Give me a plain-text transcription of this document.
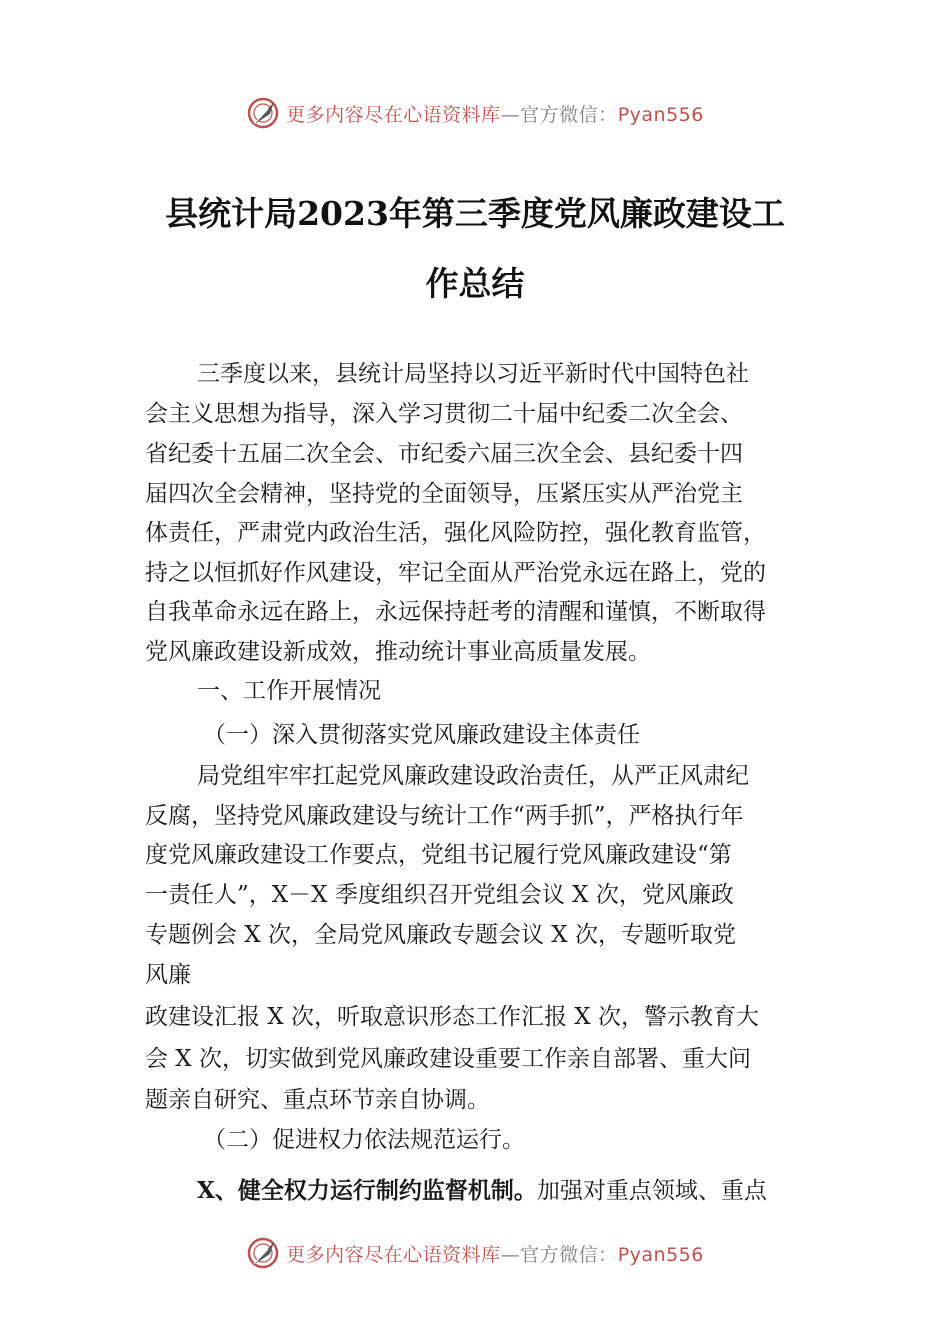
更多内容尽在心语资料库—官方微信：Pyan556
县统计局2023年第三季度党风廉政建设工
作总结
三季度以来，县统计局坚持以习近平新时代中国特色社
会主义思想为指导，深入学习贯彻二十届中纪委二次全会、
省纪委十五届二次全会、市纪委六届三次全会、县纪委十四
届四次全会精神，坚持党的全面领导，压紧压实从严治党主
体责任，严肃党内政治生活，强化风险防控，强化教育监管，
持之以恒抓好作风建设，牢记全面从严治党永远在路上，党的
自我革命永远在路上，永远保持赶考的清醒和谨慎，不断取得
党风廉政建设新成效，推动统计事业高质量发展。
一、工作开展情况
（一）深入贯彻落实党风廉政建设主体责任
局党组牢牢扛起党风廉政建设政治责任，从严正风肃纪
反腐，坚持党风廉政建设与统计工作“两手抓”，严格执行年
度党风廉政建设工作要点，党组书记履行党风廉政建设“第
一责任人”，X－X 季度组织召开党组会议 X 次，党风廉政
专题例会 X 次，全局党风廉政专题会议 X 次，专题听取党
风廉
政建设汇报 X 次，听取意识形态工作汇报 X 次，警示教育大
会 X 次，切实做到党风廉政建设重要工作亲自部署、重大问
题亲自研究、重点环节亲自协调。
（二）促进权力依法规范运行。
X、健全权力运行制约监督机制。加强对重点领域、重点
更多内容尽在心语资料库—官方微信：Pyan556
